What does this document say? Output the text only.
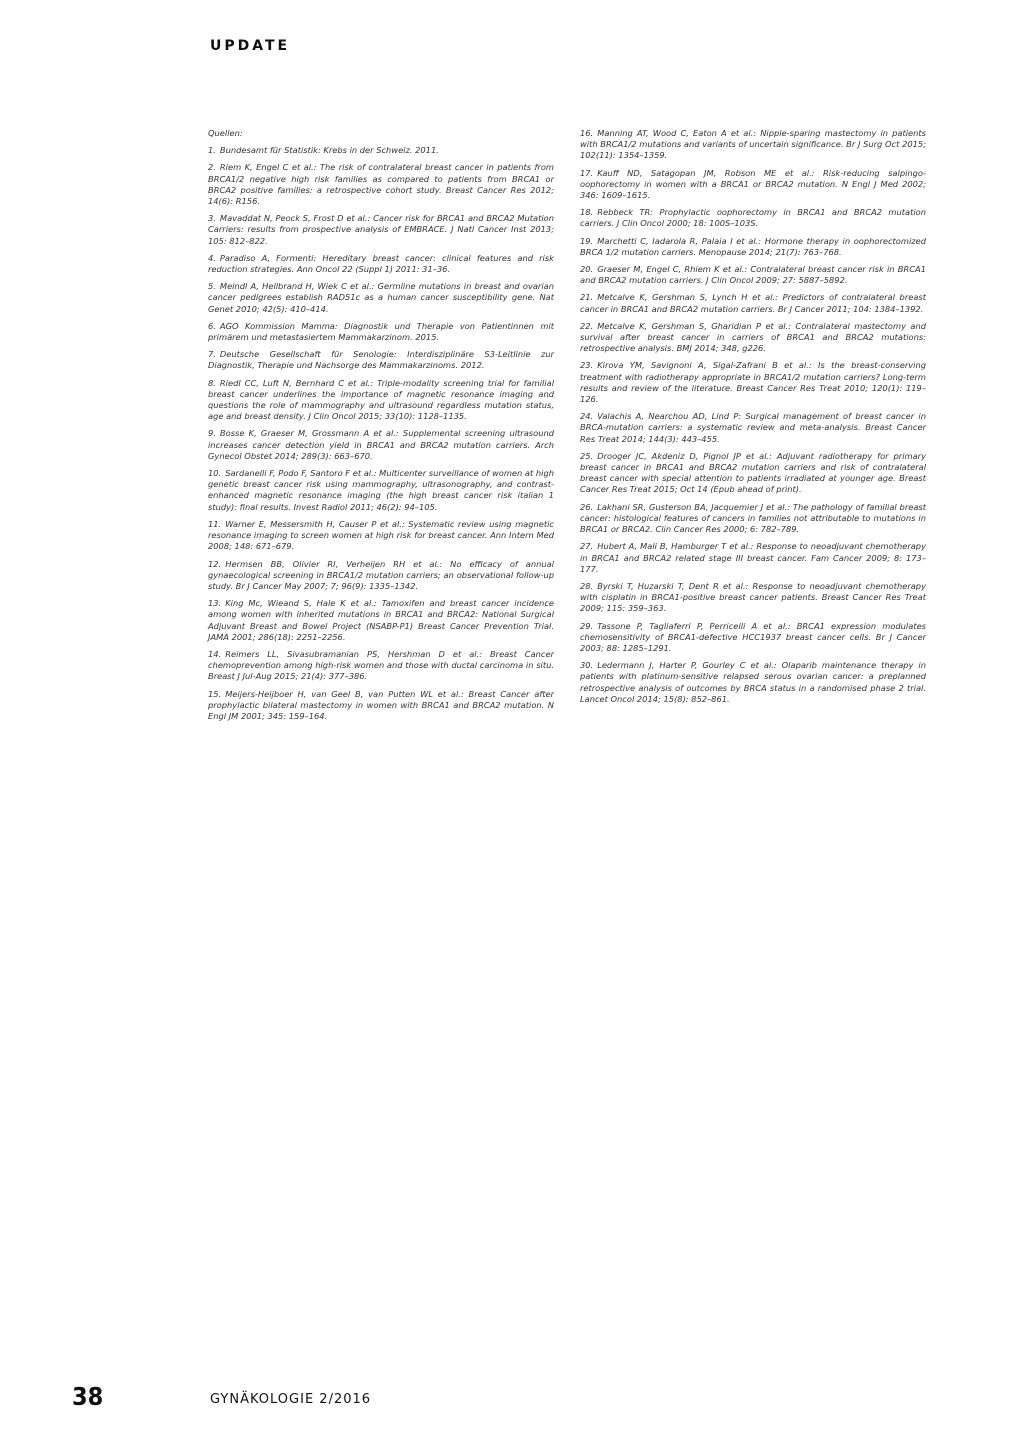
UPDATE

Quellen:

1. Bundesamt für Statistik: Krebs in der Schweiz. 2011.

2. Riem K, Engel C et al.: The risk of contralateral breast cancer in patients from BRCA1/2 negative high risk families as compared to patients from BRCA1 or BRCA2 positive families: a retrospective cohort study. Breast Cancer Res 2012; 14(6): R156.

3. Mavaddat N, Peock S, Frost D et al.: Cancer risk for BRCA1 and BRCA2 Mutation Carriers: results from prospective analysis of EMBRACE. J Natl Cancer Inst 2013; 105: 812–822.

4. Paradiso A, Formenti: Hereditary breast cancer: clinical features and risk reduction strategies. Ann Oncol 22 (Suppl 1) 2011: 31–36.

5. Meindl A, Hellbrand H, Wiek C et al.: Germline mutations in breast and ovarian cancer pedigrees establish RAD51c as a human cancer susceptibility gene. Nat Genet 2010; 42(5): 410–414.

6. AGO Kommission Mamma: Diagnostik und Therapie von Patientinnen mit primärem und metastasiertem Mammakarzinom. 2015.

7. Deutsche Gesellschaft für Senologie: Interdisziplinäre S3-Leitlinie zur Diagnostik, Therapie und Nachsorge des Mammakarzinoms. 2012.

8. Riedl CC, Luft N, Bernhard C et al.: Triple-modality screening trial for familial breast cancer underlines the importance of magnetic resonance imaging and questions the role of mammography and ultrasound regardless mutation status, age and breast density. J Clin Oncol 2015; 33(10): 1128–1135.

9. Bosse K, Graeser M, Grossmann A et al.: Supplemental screening ultrasound increases cancer detection yield in BRCA1 and BRCA2 mutation carriers. Arch Gynecol Obstet 2014; 289(3): 663–670.

10. Sardanelli F, Podo F, Santoro F et al.: Multicenter surveillance of women at high genetic breast cancer risk using mammography, ultrasonography, and contrast-enhanced magnetic resonance imaging (the high breast cancer risk italian 1 study): final results. Invest Radiol 2011; 46(2): 94–105.

11. Warner E, Messersmith H, Causer P et al.: Systematic review using magnetic resonance imaging to screen women at high risk for breast cancer. Ann Intern Med 2008; 148: 671–679.

12. Hermsen BB, Olivier RI, Verheijen RH et al.: No efficacy of annual gynaecological screening in BRCA1/2 mutation carriers; an observational follow-up study. Br J Cancer May 2007; 7; 96(9): 1335–1342.

13. King Mc, Wieand S, Hale K et al.: Tamoxifen and breast cancer incidence among women with inherited mutations in BRCA1 and BRCA2: National Surgical Adjuvant Breast and Bowel Project (NSABP-P1) Breast Cancer Prevention Trial. JAMA 2001; 286(18): 2251–2256.

14. Reimers LL, Sivasubramanian PS, Hershman D et al.: Breast Cancer chemoprevention among high-risk women and those with ductal carcinoma in situ. Breast J Jul-Aug 2015; 21(4): 377–386.

15. Meijers-Heijboer H, van Geel B, van Putten WL et al.: Breast Cancer after prophylactic bilateral mastectomy in women with BRCA1 and BRCA2 mutation. N Engl JM 2001; 345: 159–164.

16. Manning AT, Wood C, Eaton A et al.: Nipple-sparing mastectomy in patients with BRCA1/2 mutations and variants of uncertain significance. Br J Surg Oct 2015; 102(11): 1354–1359.

17. Kauff ND, Satagopan JM, Robson ME et al.: Risk-reducing salpingo-oophorectomy in women with a BRCA1 or BRCA2 mutation. N Engl J Med 2002; 346: 1609–1615.

18. Rebbeck TR: Prophylactic oophorectomy in BRCA1 and BRCA2 mutation carriers. J Clin Oncol 2000; 18: 100S–103S.

19. Marchetti C, Iadarola R, Palaia I et al.: Hormone therapy in oophorectomized BRCA 1/2 mutation carriers. Menopause 2014; 21(7): 763–768.

20. Graeser M, Engel C, Rhiem K et al.: Contralateral breast cancer risk in BRCA1 and BRCA2 mutation carriers. J Clin Oncol 2009; 27: 5887–5892.

21. Metcalve K, Gershman S, Lynch H et al.: Predictors of contralateral breast cancer in BRCA1 and BRCA2 mutation carriers. Br J Cancer 2011; 104: 1384–1392.

22. Metcalve K, Gershman S, Gharidian P et al.: Contralateral mastectomy and survival after breast cancer in carriers of BRCA1 and BRCA2 mutations: retrospective analysis. BMJ 2014; 348, g226.

23. Kirova YM, Savignoni A, Sigal-Zafrani B et al.: Is the breast-conserving treatment with radiotherapy appropriate in BRCA1/2 mutation carriers? Long-term results and review of the literature. Breast Cancer Res Treat 2010; 120(1): 119–126.

24. Valachis A, Nearchou AD, Lind P: Surgical management of breast cancer in BRCA-mutation carriers: a systematic review and meta-analysis. Breast Cancer Res Treat 2014; 144(3): 443–455.

25. Drooger JC, Akdeniz D, Pignol JP et al.: Adjuvant radiotherapy for primary breast cancer in BRCA1 and BRCA2 mutation carriers and risk of contralateral breast cancer with special attention to patients irradiated at younger age. Breast Cancer Res Treat 2015; Oct 14 (Epub ahead of print).

26. Lakhani SR, Gusterson BA, Jacquemier J et al.: The pathology of familial breast cancer: histological features of cancers in families not attributable to mutations in BRCA1 or BRCA2. Clin Cancer Res 2000; 6: 782–789.

27. Hubert A, Mali B, Hamburger T et al.: Response to neoadjuvant chemotherapy in BRCA1 and BRCA2 related stage III breast cancer. Fam Cancer 2009; 8: 173–177.

28. Byrski T, Huzarski T, Dent R et al.: Response to neoadjuvant chemotherapy with cisplatin in BRCA1-positive breast cancer patients. Breast Cancer Res Treat 2009; 115: 359–363.

29. Tassone P, Tagliaferri P, Perricelli A et al.: BRCA1 expression modulates chemosensitivity of BRCA1-defective HCC1937 breast cancer cells. Br J Cancer 2003; 88: 1285–1291.

30. Ledermann J, Harter P, Gourley C et al.: Olaparib maintenance therapy in patients with platinum-sensitive relapsed serous ovarian cancer: a preplanned retrospective analysis of outcomes by BRCA status in a randomised phase 2 trial. Lancet Oncol 2014; 15(8): 852–861.

38	GYNÄKOLOGIE 2/2016
